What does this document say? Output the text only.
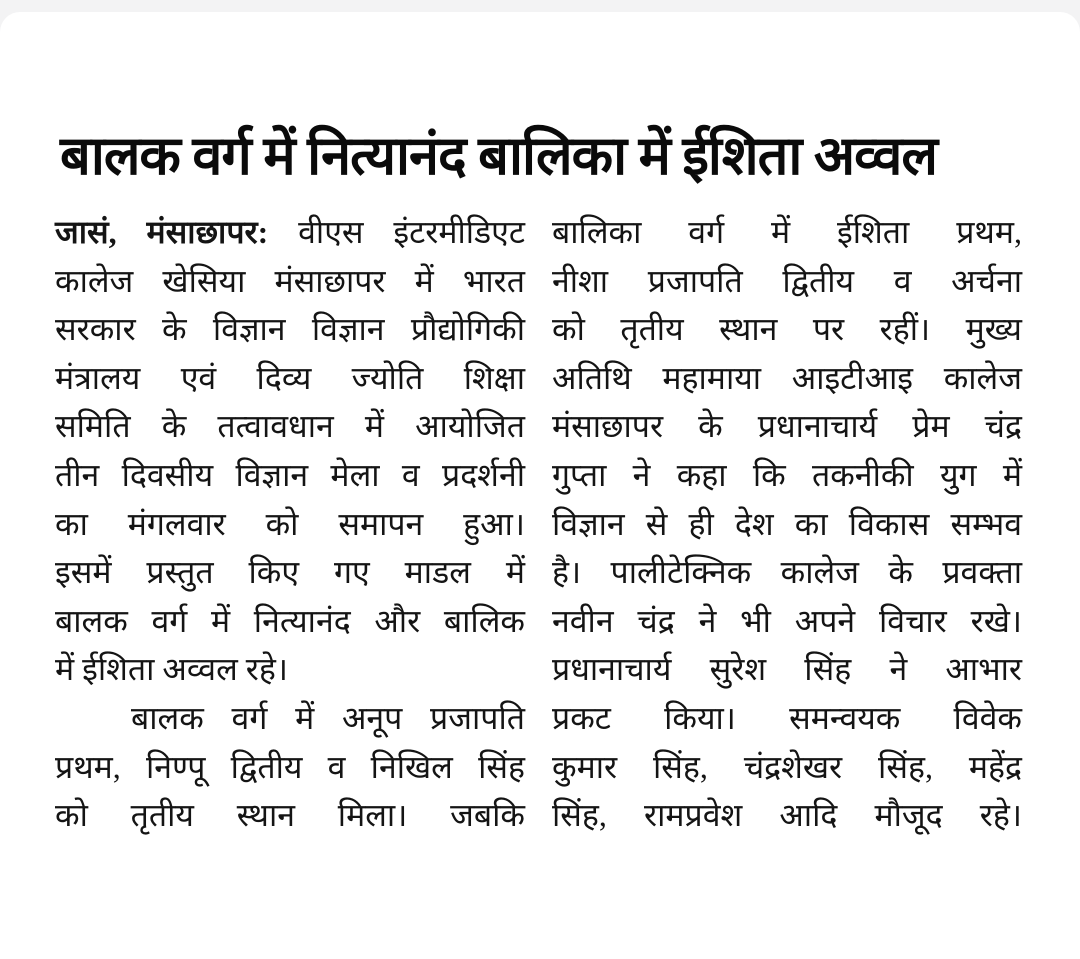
बालक वर्ग में नित्यानंद बालिका में ईशिता अव्वल
जासं, मंसाछापर: वीएस इंटरमीडिएट
कालेज खेसिया मंसाछापर में भारत
सरकार के विज्ञान विज्ञान प्रौद्योगिकी
मंत्रालय एवं दिव्य ज्योति शिक्षा
समिति के तत्वावधान में आयोजित
तीन दिवसीय विज्ञान मेला व प्रदर्शनी
का मंगलवार को समापन हुआ।
इसमें प्रस्तुत किए गए माडल में
बालक वर्ग में नित्यानंद और बालिक
में ईशिता अव्वल रहे।
बालक वर्ग में अनूप प्रजापति
प्रथम, निण्पू द्वितीय व निखिल सिंह
को तृतीय स्थान मिला। जबकि
बालिका वर्ग में ईशिता प्रथम,
नीशा प्रजापति द्वितीय व अर्चना
को तृतीय स्थान पर रहीं। मुख्य
अतिथि महामाया आइटीआइ कालेज
मंसाछापर के प्रधानाचार्य प्रेम चंद्र
गुप्ता ने कहा कि तकनीकी युग में
विज्ञान से ही देश का विकास सम्भव
है। पालीटेक्निक कालेज के प्रवक्ता
नवीन चंद्र ने भी अपने विचार रखे।
प्रधानाचार्य सुरेश सिंह ने आभार
प्रकट किया। समन्वयक विवेक
कुमार सिंह, चंद्रशेखर सिंह, महेंद्र
सिंह, रामप्रवेश आदि मौजूद रहे।
